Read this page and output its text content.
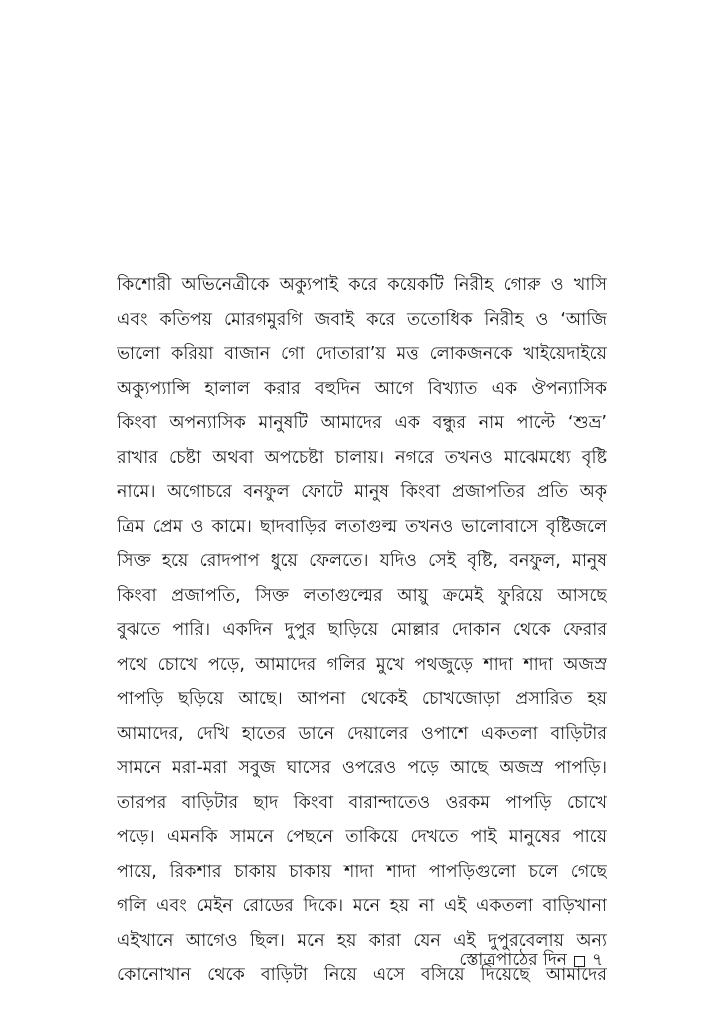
কিশোরী অভিনেত্রীকে অক্যুপাই করে কয়েকটি নিরীহ গোরু ও খাসি
এবং কতিপয় মোরগমুরগি জবাই করে ততোধিক নিরীহ ও ‘আজি
ভালো করিয়া বাজান গো দোতারা’য় মত্ত লোকজনকে খাইয়েদাইয়ে
অক্যুপ্যান্সি হালাল করার বহুদিন আগে বিখ্যাত এক ঔপন্যাসিক
কিংবা অপন্যাসিক মানুষটি আমাদের এক বন্ধুর নাম পাল্টে ‘শুভ্র’
রাখার চেষ্টা অথবা অপচেষ্টা চালায়। নগরে তখনও মাঝেমধ্যে বৃষ্টি
নামে। অগোচরে বনফুল ফোটে মানুষ কিংবা প্রজাপতির প্রতি অকৃ
ত্রিম প্রেম ও কামে। ছাদবাড়ির লতাগুল্ম তখনও ভালোবাসে বৃষ্টিজলে
সিক্ত হয়ে রোদপাপ ধুয়ে ফেলতে। যদিও সেই বৃষ্টি, বনফুল, মানুষ
কিংবা প্রজাপতি, সিক্ত লতাগুল্মের আয়ু ক্রমেই ফুরিয়ে আসছে
বুঝতে পারি। একদিন দুপুর ছাড়িয়ে মোল্লার দোকান থেকে ফেরার
পথে চোখে পড়ে, আমাদের গলির মুখে পথজুড়ে শাদা শাদা অজস্র
পাপড়ি ছড়িয়ে আছে। আপনা থেকেই চোখজোড়া প্রসারিত হয়
আমাদের, দেখি হাতের ডানে দেয়ালের ওপাশে একতলা বাড়িটার
সামনে মরা-মরা সবুজ ঘাসের ওপরেও পড়ে আছে অজস্র পাপড়ি।
তারপর বাড়িটার ছাদ কিংবা বারান্দাতেও ওরকম পাপড়ি চোখে
পড়ে। এমনকি সামনে পেছনে তাকিয়ে দেখতে পাই মানুষের পায়ে
পায়ে, রিকশার চাকায় চাকায় শাদা শাদা পাপড়িগুলো চলে গেছে
গলি এবং মেইন রোডের দিকে। মনে হয় না এই একতলা বাড়িখানা
এইখানে আগেও ছিল। মনে হয় কারা যেন এই দুপুরবেলায় অন্য
কোনোখান থেকে বাড়িটা নিয়ে এসে বসিয়ে দিয়েছে আমাদের
স্তোত্রপাঠের দিন ৭
